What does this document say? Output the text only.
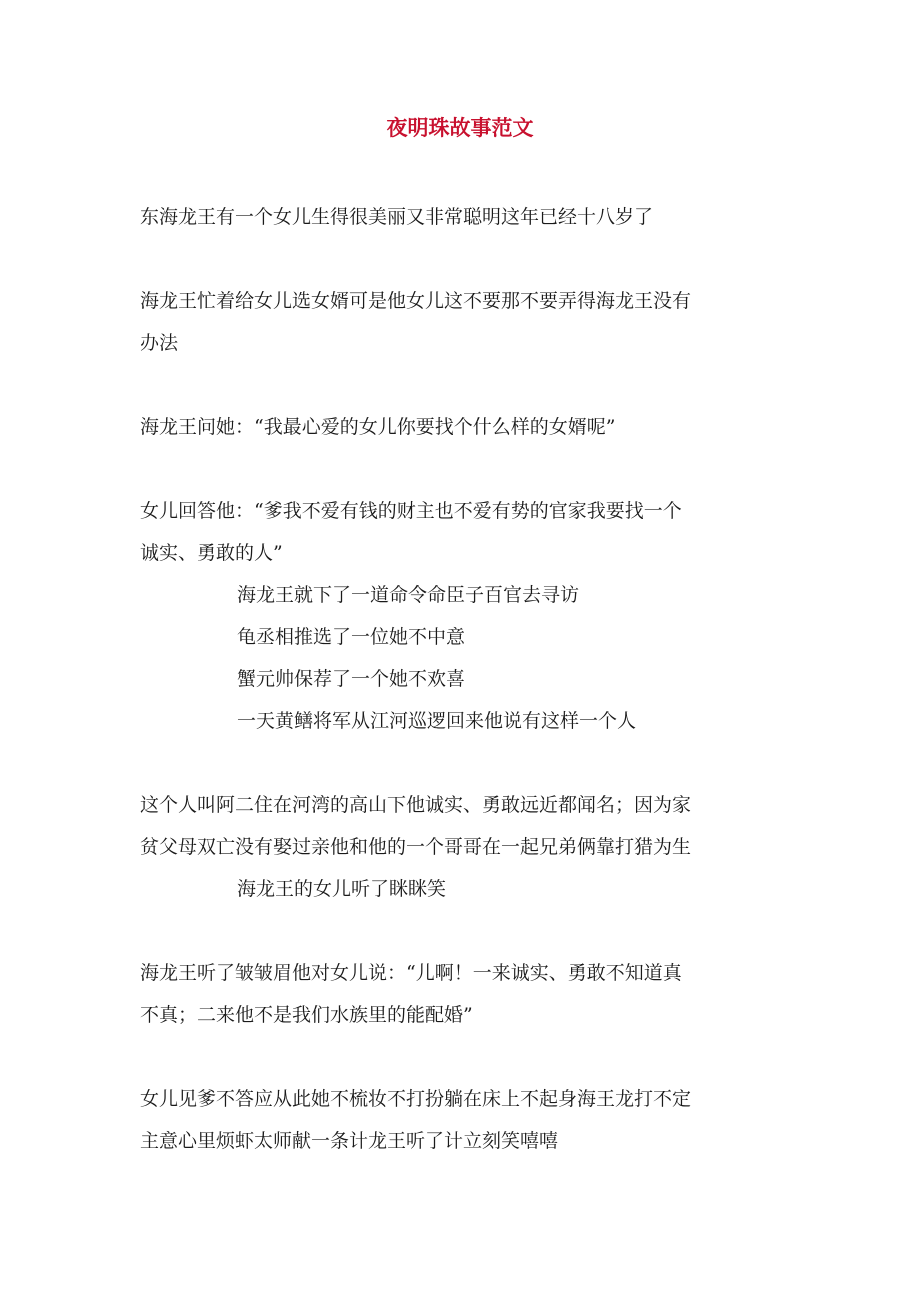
夜明珠故事范文

东海龙王有一个女儿生得很美丽又非常聪明这年已经十八岁了

海龙王忙着给女儿选女婿可是他女儿这不要那不要弄得海龙王没有
办法

海龙王问她：“我最心爱的女儿你要找个什么样的女婿呢”

女儿回答他：“爹我不爱有钱的财主也不爱有势的官家我要找一个
诚实、勇敢的人”

海龙王就下了一道命令命臣子百官去寻访

龟丞相推选了一位她不中意

蟹元帅保荐了一个她不欢喜

一天黄鳝将军从江河巡逻回来他说有这样一个人

这个人叫阿二住在河湾的高山下他诚实、勇敢远近都闻名；因为家
贫父母双亡没有娶过亲他和他的一个哥哥在一起兄弟俩靠打猎为生

海龙王的女儿听了眯眯笑

海龙王听了皱皱眉他对女儿说：“儿啊！一来诚实、勇敢不知道真
不真；二来他不是我们水族里的能配婚”

女儿见爹不答应从此她不梳妆不打扮躺在床上不起身海王龙打不定
主意心里烦虾太师献一条计龙王听了计立刻笑嘻嘻
